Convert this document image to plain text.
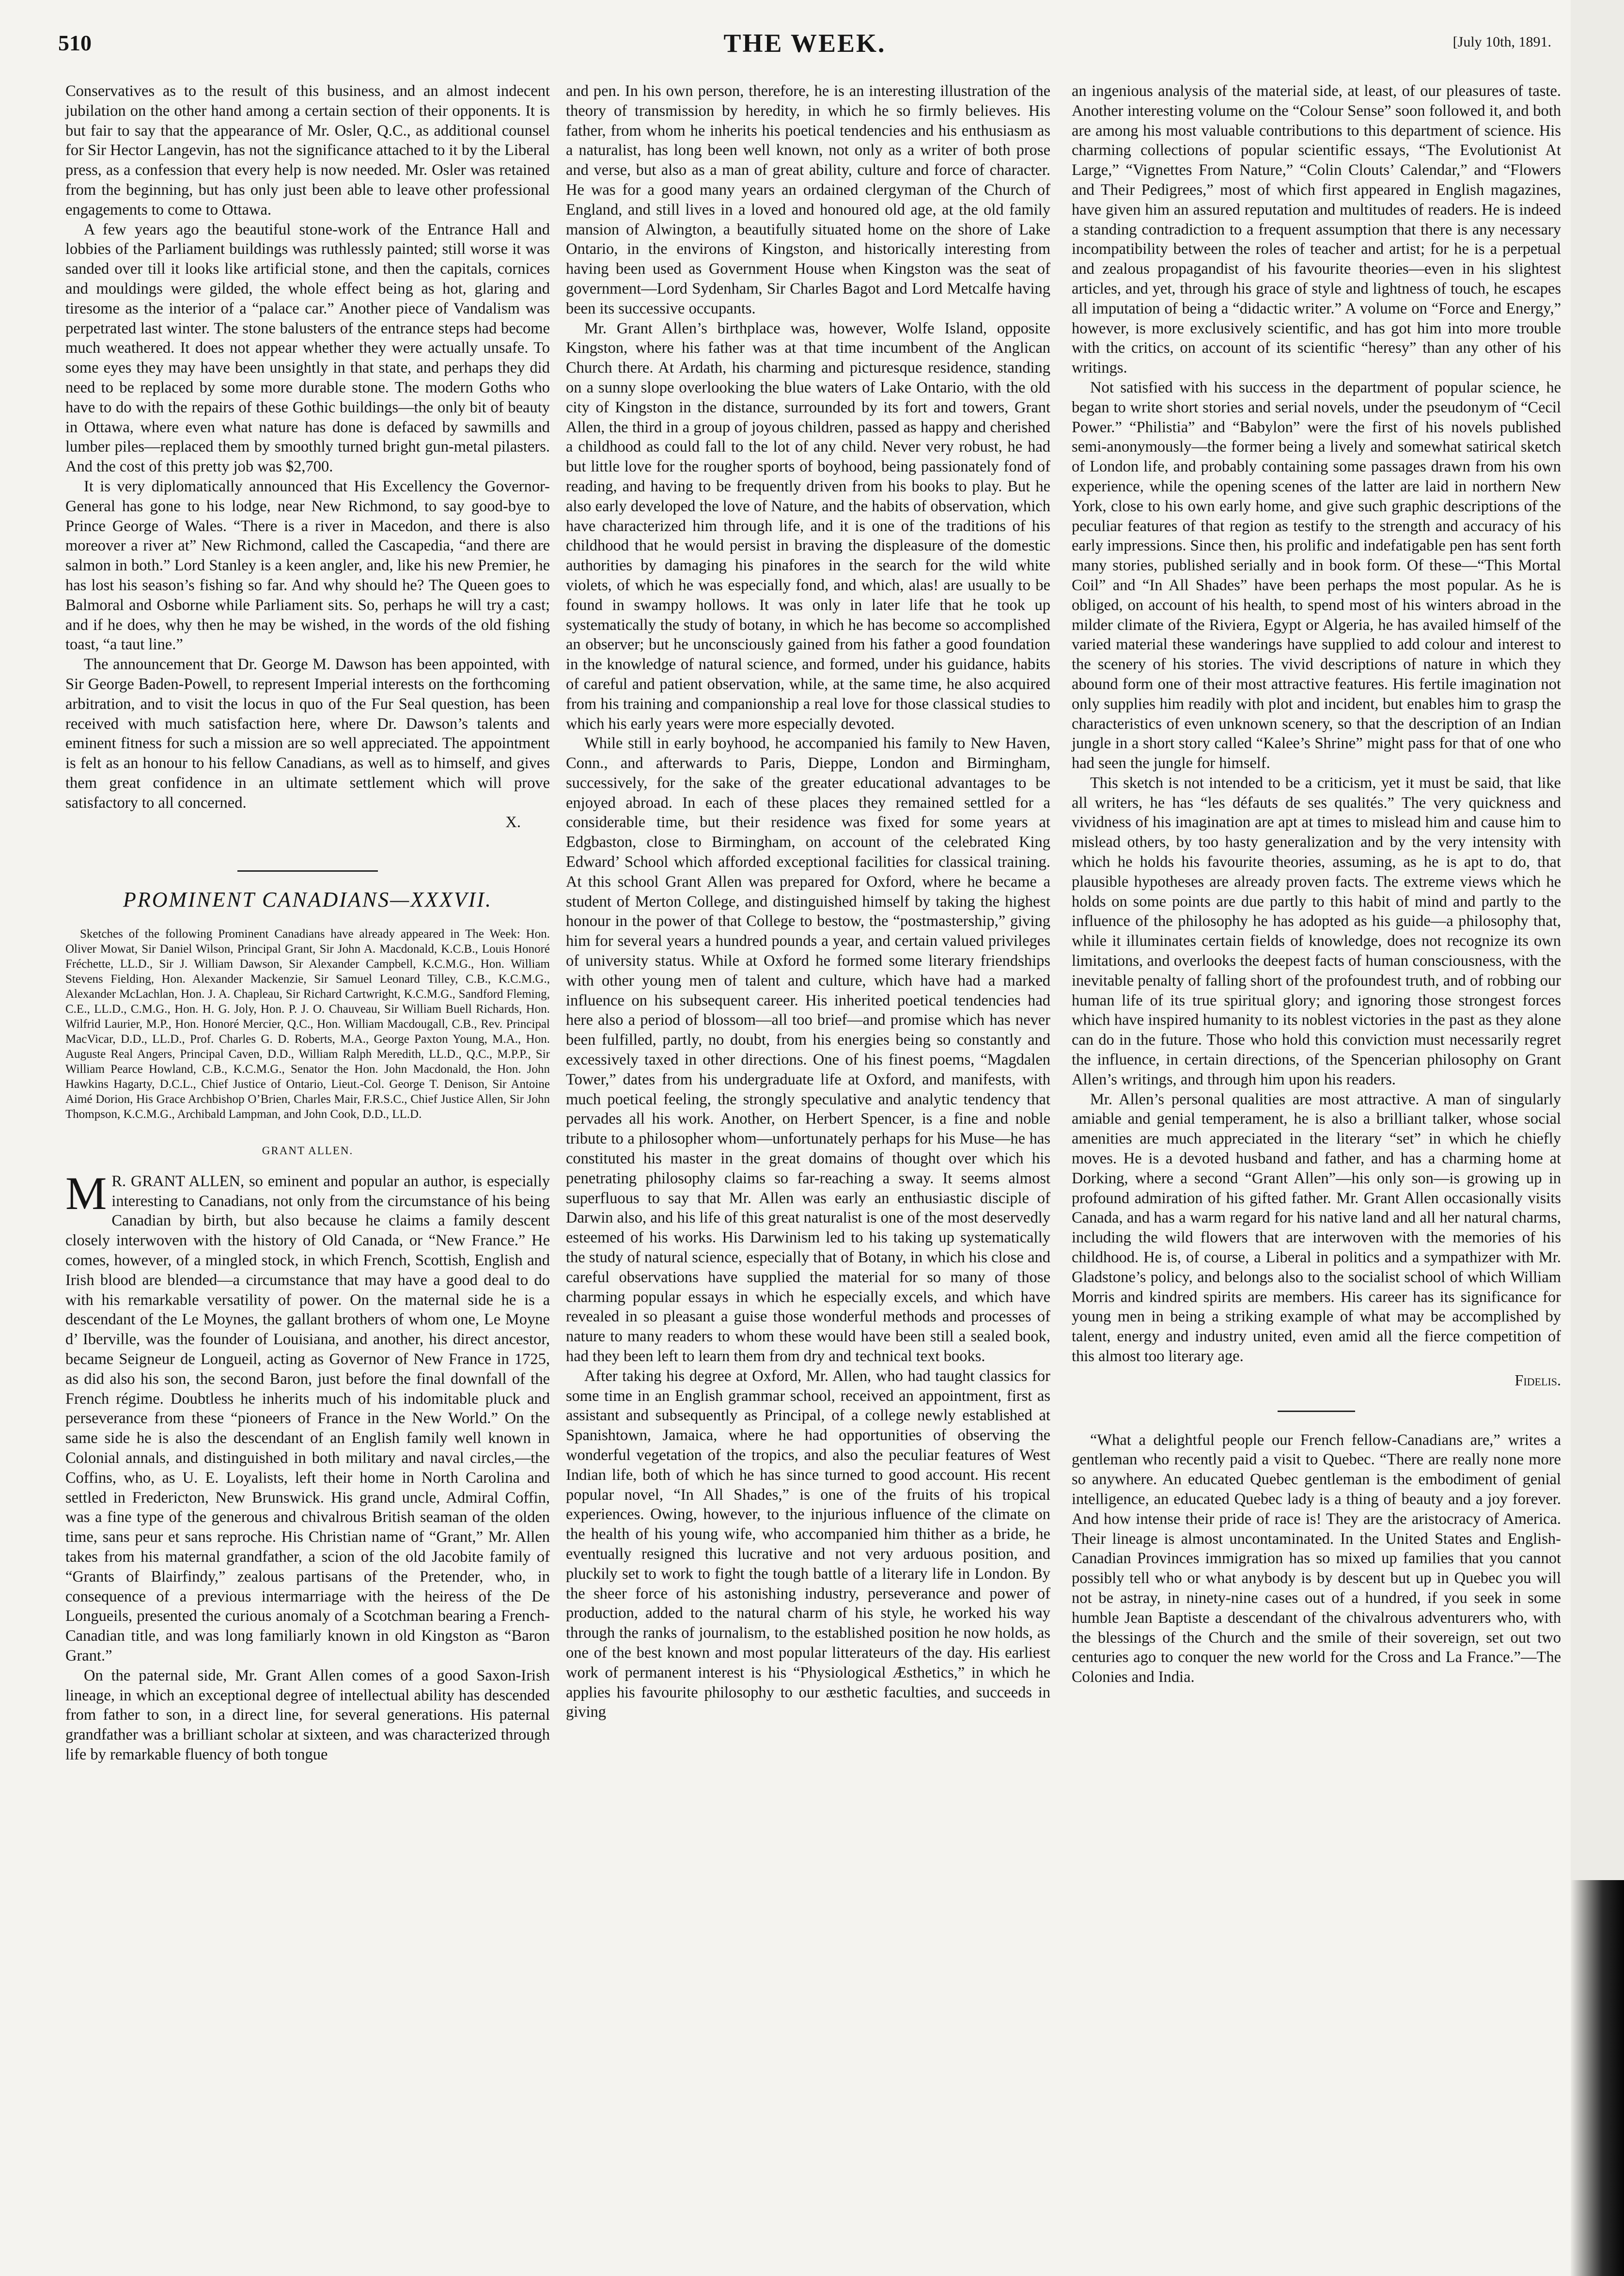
510	THE WEEK.	[July 10th, 1891.

Conservatives as to the result of this business, and an almost indecent jubilation on the other hand among a certain section of their opponents. It is but fair to say that the appearance of Mr. Osler, Q.C., as additional counsel for Sir Hector Langevin, has not the significance attached to it by the Liberal press, as a confession that every help is now needed. Mr. Osler was retained from the beginning, but has only just been able to leave other professional engagements to come to Ottawa.

A few years ago the beautiful stone-work of the Entrance Hall and lobbies of the Parliament buildings was ruthlessly painted; still worse it was sanded over till it looks like artificial stone, and then the capitals, cornices and mouldings were gilded, the whole effect being as hot, glaring and tiresome as the interior of a “palace car.” Another piece of Vandalism was perpetrated last winter. The stone balusters of the entrance steps had become much weathered. It does not appear whether they were actually unsafe. To some eyes they may have been unsightly in that state, and perhaps they did need to be replaced by some more durable stone. The modern Goths who have to do with the repairs of these Gothic buildings—the only bit of beauty in Ottawa, where even what nature has done is defaced by sawmills and lumber piles—replaced them by smoothly turned bright gun-metal pilasters. And the cost of this pretty job was $2,700.

It is very diplomatically announced that His Excellency the Governor-General has gone to his lodge, near New Richmond, to say good-bye to Prince George of Wales. “There is a river in Macedon, and there is also moreover a river at” New Richmond, called the Cascapedia, “and there are salmon in both.” Lord Stanley is a keen angler, and, like his new Premier, he has lost his season’s fishing so far. And why should he? The Queen goes to Balmoral and Osborne while Parliament sits. So, perhaps he will try a cast; and if he does, why then he may be wished, in the words of the old fishing toast, “a taut line.”

The announcement that Dr. George M. Dawson has been appointed, with Sir George Baden-Powell, to represent Imperial interests on the forthcoming arbitration, and to visit the locus in quo of the Fur Seal question, has been received with much satisfaction here, where Dr. Dawson’s talents and eminent fitness for such a mission are so well appreciated. The appointment is felt as an honour to his fellow Canadians, as well as to himself, and gives them great confidence in an ultimate settlement which will prove satisfactory to all concerned.

X.
PROMINENT CANADIANS—XXXVII.

Sketches of the following Prominent Canadians have already appeared in The Week: Hon. Oliver Mowat, Sir Daniel Wilson, Principal Grant, Sir John A. Macdonald, K.C.B., Louis Honoré Fréchette, LL.D., Sir J. William Dawson, Sir Alexander Campbell, K.C.M.G., Hon. William Stevens Fielding, Hon. Alexander Mackenzie, Sir Samuel Leonard Tilley, C.B., K.C.M.G., Alexander McLachlan, Hon. J. A. Chapleau, Sir Richard Cartwright, K.C.M.G., Sandford Fleming, C.E., LL.D., C.M.G., Hon. H. G. Joly, Hon. P. J. O. Chauveau, Sir William Buell Richards, Hon. Wilfrid Laurier, M.P., Hon. Honoré Mercier, Q.C., Hon. William Macdougall, C.B., Rev. Principal MacVicar, D.D., LL.D., Prof. Charles G. D. Roberts, M.A., George Paxton Young, M.A., Hon. Auguste Real Angers, Principal Caven, D.D., William Ralph Meredith, LL.D., Q.C., M.P.P., Sir William Pearce Howland, C.B., K.C.M.G., Senator the Hon. John Macdonald, the Hon. John Hawkins Hagarty, D.C.L., Chief Justice of Ontario, Lieut.-Col. George T. Denison, Sir Antoine Aimé Dorion, His Grace Archbishop O’Brien, Charles Mair, F.R.S.C., Chief Justice Allen, Sir John Thompson, K.C.M.G., Archibald Lampman, and John Cook, D.D., LL.D.

GRANT ALLEN.

M R. GRANT ALLEN, so eminent and popular an author, is especially interesting to Canadians, not only from the circumstance of his being Canadian by birth, but also because he claims a family descent closely interwoven with the history of Old Canada, or “New France.” He comes, however, of a mingled stock, in which French, Scottish, English and Irish blood are blended—a circumstance that may have a good deal to do with his remarkable versatility of power. On the maternal side he is a descendant of the Le Moynes, the gallant brothers of whom one, Le Moyne d’ Iberville, was the founder of Louisiana, and another, his direct ancestor, became Seigneur de Longueil, acting as Governor of New France in 1725, as did also his son, the second Baron, just before the final downfall of the French régime. Doubtless he inherits much of his indomitable pluck and perseverance from these “pioneers of France in the New World.” On the same side he is also the descendant of an English family well known in Colonial annals, and distinguished in both military and naval circles,—the Coffins, who, as U. E. Loyalists, left their home in North Carolina and settled in Fredericton, New Brunswick. His grand uncle, Admiral Coffin, was a fine type of the generous and chivalrous British seaman of the olden time, sans peur et sans reproche. His Christian name of “Grant,” Mr. Allen takes from his maternal grandfather, a scion of the old Jacobite family of “Grants of Blairfindy,” zealous partisans of the Pretender, who, in consequence of a previous intermarriage with the heiress of the De Longueils, presented the curious anomaly of a Scotchman bearing a French-Canadian title, and was long familiarly known in old Kingston as “Baron Grant.”

On the paternal side, Mr. Grant Allen comes of a good Saxon-Irish lineage, in which an exceptional degree of intellectual ability has descended from father to son, in a direct line, for several generations. His paternal grandfather was a brilliant scholar at sixteen, and was characterized through life by remarkable fluency of both tongue

and pen. In his own person, therefore, he is an interesting illustration of the theory of transmission by heredity, in which he so firmly believes. His father, from whom he inherits his poetical tendencies and his enthusiasm as a naturalist, has long been well known, not only as a writer of both prose and verse, but also as a man of great ability, culture and force of character. He was for a good many years an ordained clergyman of the Church of England, and still lives in a loved and honoured old age, at the old family mansion of Alwington, a beautifully situated home on the shore of Lake Ontario, in the environs of Kingston, and historically interesting from having been used as Government House when Kingston was the seat of government—Lord Sydenham, Sir Charles Bagot and Lord Metcalfe having been its successive occupants.

Mr. Grant Allen’s birthplace was, however, Wolfe Island, opposite Kingston, where his father was at that time incumbent of the Anglican Church there. At Ardath, his charming and picturesque residence, standing on a sunny slope overlooking the blue waters of Lake Ontario, with the old city of Kingston in the distance, surrounded by its fort and towers, Grant Allen, the third in a group of joyous children, passed as happy and cherished a childhood as could fall to the lot of any child. Never very robust, he had but little love for the rougher sports of boyhood, being passionately fond of reading, and having to be frequently driven from his books to play. But he also early developed the love of Nature, and the habits of observation, which have characterized him through life, and it is one of the traditions of his childhood that he would persist in braving the displeasure of the domestic authorities by damaging his pinafores in the search for the wild white violets, of which he was especially fond, and which, alas! are usually to be found in swampy hollows. It was only in later life that he took up systematically the study of botany, in which he has become so accomplished an observer; but he unconsciously gained from his father a good foundation in the knowledge of natural science, and formed, under his guidance, habits of careful and patient observation, while, at the same time, he also acquired from his training and companionship a real love for those classical studies to which his early years were more especially devoted.

While still in early boyhood, he accompanied his family to New Haven, Conn., and afterwards to Paris, Dieppe, London and Birmingham, successively, for the sake of the greater educational advantages to be enjoyed abroad. In each of these places they remained settled for a considerable time, but their residence was fixed for some years at Edgbaston, close to Birmingham, on account of the celebrated King Edward’ School which afforded exceptional facilities for classical training. At this school Grant Allen was prepared for Oxford, where he became a student of Merton College, and distinguished himself by taking the highest honour in the power of that College to bestow, the “postmastership,” giving him for several years a hundred pounds a year, and certain valued privileges of university status. While at Oxford he formed some literary friendships with other young men of talent and culture, which have had a marked influence on his subsequent career. His inherited poetical tendencies had here also a period of blossom—all too brief—and promise which has never been fulfilled, partly, no doubt, from his energies being so constantly and excessively taxed in other directions. One of his finest poems, “Magdalen Tower,” dates from his undergraduate life at Oxford, and manifests, with much poetical feeling, the strongly speculative and analytic tendency that pervades all his work. Another, on Herbert Spencer, is a fine and noble tribute to a philosopher whom—unfortunately perhaps for his Muse—he has constituted his master in the great domains of thought over which his penetrating philosophy claims so far-reaching a sway. It seems almost superfluous to say that Mr. Allen was early an enthusiastic disciple of Darwin also, and his life of this great naturalist is one of the most deservedly esteemed of his works. His Darwinism led to his taking up systematically the study of natural science, especially that of Botany, in which his close and careful observations have supplied the material for so many of those charming popular essays in which he especially excels, and which have revealed in so pleasant a guise those wonderful methods and processes of nature to many readers to whom these would have been still a sealed book, had they been left to learn them from dry and technical text books.

After taking his degree at Oxford, Mr. Allen, who had taught classics for some time in an English grammar school, received an appointment, first as assistant and subsequently as Principal, of a college newly established at Spanishtown, Jamaica, where he had opportunities of observing the wonderful vegetation of the tropics, and also the peculiar features of West Indian life, both of which he has since turned to good account. His recent popular novel, “In All Shades,” is one of the fruits of his tropical experiences. Owing, however, to the injurious influence of the climate on the health of his young wife, who accompanied him thither as a bride, he eventually resigned this lucrative and not very arduous position, and pluckily set to work to fight the tough battle of a literary life in London. By the sheer force of his astonishing industry, perseverance and power of production, added to the natural charm of his style, he worked his way through the ranks of journalism, to the established position he now holds, as one of the best known and most popular litterateurs of the day. His earliest work of permanent interest is his “Physiological Æsthetics,” in which he applies his favourite philosophy to our æsthetic faculties, and succeeds in giving

an ingenious analysis of the material side, at least, of our pleasures of taste. Another interesting volume on the “Colour Sense” soon followed it, and both are among his most valuable contributions to this department of science. His charming collections of popular scientific essays, “The Evolutionist At Large,” “Vignettes From Nature,” “Colin Clouts’ Calendar,” and “Flowers and Their Pedigrees,” most of which first appeared in English magazines, have given him an assured reputation and multitudes of readers. He is indeed a standing contradiction to a frequent assumption that there is any necessary incompatibility between the roles of teacher and artist; for he is a perpetual and zealous propagandist of his favourite theories—even in his slightest articles, and yet, through his grace of style and lightness of touch, he escapes all imputation of being a “didactic writer.” A volume on “Force and Energy,” however, is more exclusively scientific, and has got him into more trouble with the critics, on account of its scientific “heresy” than any other of his writings.

Not satisfied with his success in the department of popular science, he began to write short stories and serial novels, under the pseudonym of “Cecil Power.” “Philistia” and “Babylon” were the first of his novels published semi-anonymously—the former being a lively and somewhat satirical sketch of London life, and probably containing some passages drawn from his own experience, while the opening scenes of the latter are laid in northern New York, close to his own early home, and give such graphic descriptions of the peculiar features of that region as testify to the strength and accuracy of his early impressions. Since then, his prolific and indefatigable pen has sent forth many stories, published serially and in book form. Of these—“This Mortal Coil” and “In All Shades” have been perhaps the most popular. As he is obliged, on account of his health, to spend most of his winters abroad in the milder climate of the Riviera, Egypt or Algeria, he has availed himself of the varied material these wanderings have supplied to add colour and interest to the scenery of his stories. The vivid descriptions of nature in which they abound form one of their most attractive features. His fertile imagination not only supplies him readily with plot and incident, but enables him to grasp the characteristics of even unknown scenery, so that the description of an Indian jungle in a short story called “Kalee’s Shrine” might pass for that of one who had seen the jungle for himself.

This sketch is not intended to be a criticism, yet it must be said, that like all writers, he has “les défauts de ses qualités.” The very quickness and vividness of his imagination are apt at times to mislead him and cause him to mislead others, by too hasty generalization and by the very intensity with which he holds his favourite theories, assuming, as he is apt to do, that plausible hypotheses are already proven facts. The extreme views which he holds on some points are due partly to this habit of mind and partly to the influence of the philosophy he has adopted as his guide—a philosophy that, while it illuminates certain fields of knowledge, does not recognize its own limitations, and overlooks the deepest facts of human consciousness, with the inevitable penalty of falling short of the profoundest truth, and of robbing our human life of its true spiritual glory; and ignoring those strongest forces which have inspired humanity to its noblest victories in the past as they alone can do in the future. Those who hold this conviction must necessarily regret the influence, in certain directions, of the Spencerian philosophy on Grant Allen’s writings, and through him upon his readers.

Mr. Allen’s personal qualities are most attractive. A man of singularly amiable and genial temperament, he is also a brilliant talker, whose social amenities are much appreciated in the literary “set” in which he chiefly moves. He is a devoted husband and father, and has a charming home at Dorking, where a second “Grant Allen”—his only son—is growing up in profound admiration of his gifted father. Mr. Grant Allen occasionally visits Canada, and has a warm regard for his native land and all her natural charms, including the wild flowers that are interwoven with the memories of his childhood. He is, of course, a Liberal in politics and a sympathizer with Mr. Gladstone’s policy, and belongs also to the socialist school of which William Morris and kindred spirits are members. His career has its significance for young men in being a striking example of what may be accomplished by talent, energy and industry united, even amid all the fierce competition of this almost too literary age.

Fidelis.

“What a delightful people our French fellow-Canadians are,” writes a gentleman who recently paid a visit to Quebec. “There are really none more so anywhere. An educated Quebec gentleman is the embodiment of genial intelligence, an educated Quebec lady is a thing of beauty and a joy forever. And how intense their pride of race is! They are the aristocracy of America. Their lineage is almost uncontaminated. In the United States and English-Canadian Provinces immigration has so mixed up families that you cannot possibly tell who or what anybody is by descent but up in Quebec you will not be astray, in ninety-nine cases out of a hundred, if you seek in some humble Jean Baptiste a descendant of the chivalrous adventurers who, with the blessings of the Church and the smile of their sovereign, set out two centuries ago to conquer the new world for the Cross and La France.”—The Colonies and India.
